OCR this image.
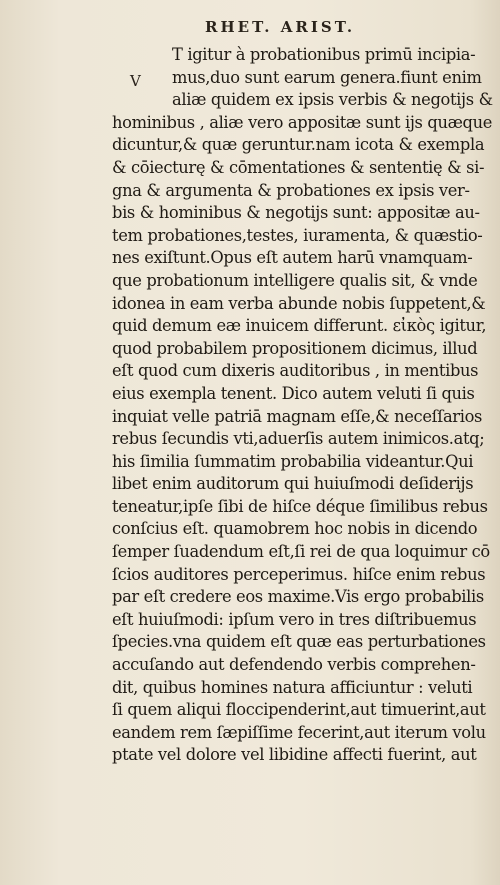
RHET. ARIST.
V
T igitur à probationibus primū incipia-
mus,duo sunt earum genera.fiunt enim
aliæ quidem ex ipsis verbis & negotijs &
hominibus , aliæ vero appositæ sunt ijs quæque
dicuntur,& quæ geruntur.nam icota & exempla
& cōiecturę & cōmentationes & sententię & si-
gna & argumenta & probationes ex ipsis ver-
bis & hominibus & negotijs sunt: appositæ au-
tem probationes,testes, iuramenta, & quæstio-
nes exiſtunt.Opus eſt autem harū vnamquam-
que probationum intelligere qualis sit, & vnde
idonea in eam verba abunde nobis ſuppetent,&
quid demum eæ inuicem differunt. εἰκὸς igitur,
quod probabilem propositionem dicimus, illud
eſt quod cum dixeris auditoribus , in mentibus
eius exempla tenent. Dico autem veluti ſi quis
inquiat velle patriā magnam eſſe,& neceſſarios
rebus ſecundis vti,aduerſis autem inimicos.atq;
his ſimilia ſummatim probabilia videantur.Qui
libet enim auditorum qui huiuſmodi deſiderijs
teneatur,ipſe ſibi de hiſce déque ſimilibus rebus
conſcius eſt. quamobrem hoc nobis in dicendo
ſemper ſuadendum eſt,ſi rei de qua loquimur cō
ſcios auditores perceperimus. hiſce enim rebus
par eſt credere eos maxime.Vis ergo probabilis
eſt huiuſmodi: ipſum vero in tres diſtribuemus
ſpecies.vna quidem eſt quæ eas perturbationes
accuſando aut defendendo verbis comprehen-
dit, quibus homines natura afficiuntur : veluti
ſi quem aliqui floccipenderint,aut timuerint,aut
eandem rem ſæpiſſime fecerint,aut iterum volu
ptate vel dolore vel libidine affecti fuerint, aut
